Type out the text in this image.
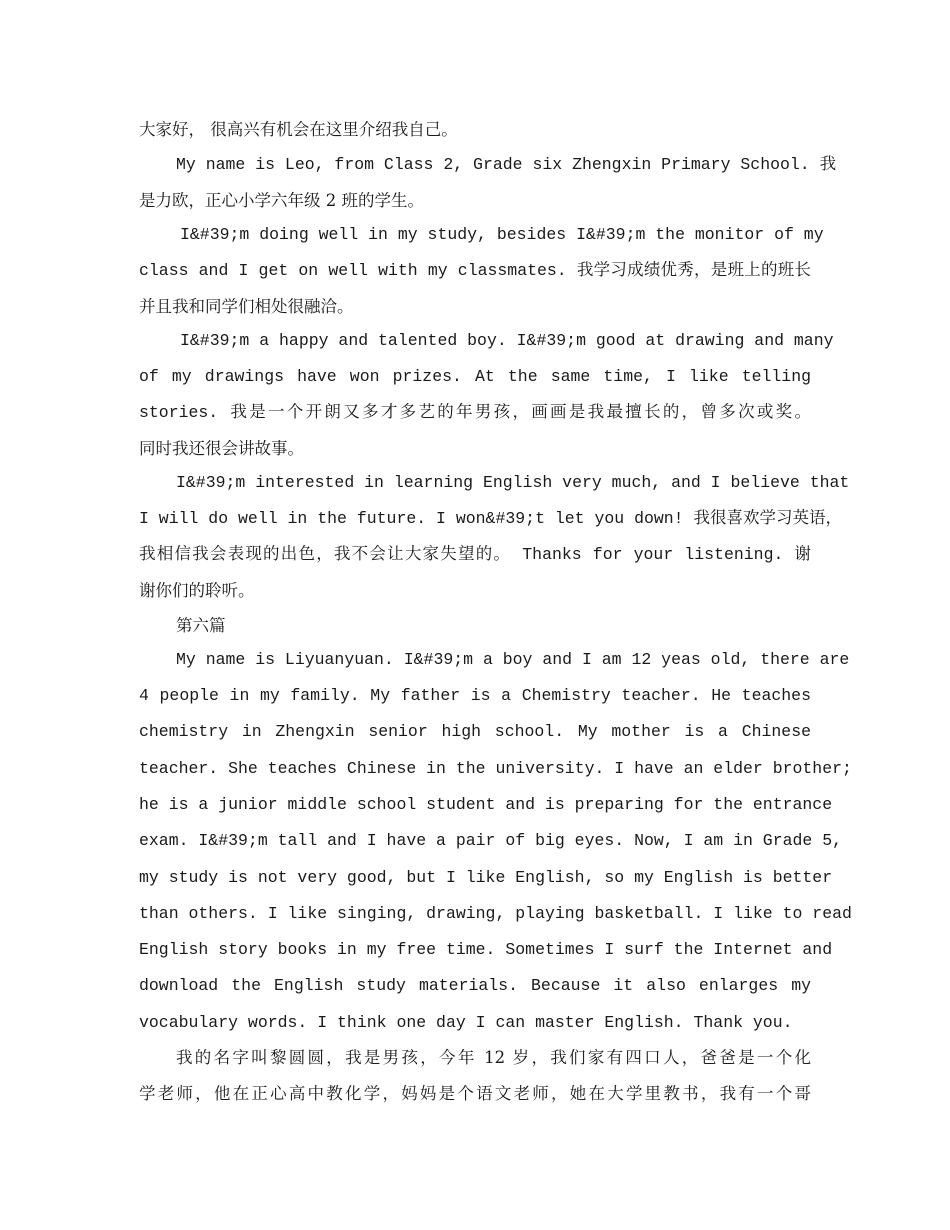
大家好， 很高兴有机会在这里介绍我自己。
My name is Leo, from Class 2, Grade six Zhengxin Primary School. 我
是力欧，正心小学六年级 2 班的学生。
I&#39;m doing well in my study, besides I&#39;m the monitor of my
class and I get on well with my classmates. 我学习成绩优秀，是班上的班长
并且我和同学们相处很融洽。
I&#39;m a happy and talented boy. I&#39;m good at drawing and many
of my drawings have won prizes. At the same time, I like telling
stories. 我是一个开朗又多才多艺的年男孩，画画是我最擅长的，曾多次或奖。
同时我还很会讲故事。
I&#39;m interested in learning English very much, and I believe that
I will do well in the future. I won&#39;t let you down! 我很喜欢学习英语，
我相信我会表现的出色，我不会让大家失望的。 Thanks for your listening. 谢
谢你们的聆听。
第六篇
My name is Liyuanyuan. I&#39;m a boy and I am 12 yeas old, there are
4 people in my family. My father is a Chemistry teacher. He teaches
chemistry in Zhengxin senior high school. My mother is a Chinese
teacher. She teaches Chinese in the university. I have an elder brother;
he is a junior middle school student and is preparing for the entrance
exam. I&#39;m tall and I have a pair of big eyes. Now, I am in Grade 5,
my study is not very good, but I like English, so my English is better
than others. I like singing, drawing, playing basketball. I like to read
English story books in my free time. Sometimes I surf the Internet and
download the English study materials. Because it also enlarges my
vocabulary words. I think one day I can master English. Thank you.
我的名字叫黎圆圆，我是男孩，今年 12 岁，我们家有四口人，爸爸是一个化
学老师，他在正心高中教化学，妈妈是个语文老师，她在大学里教书，我有一个哥
